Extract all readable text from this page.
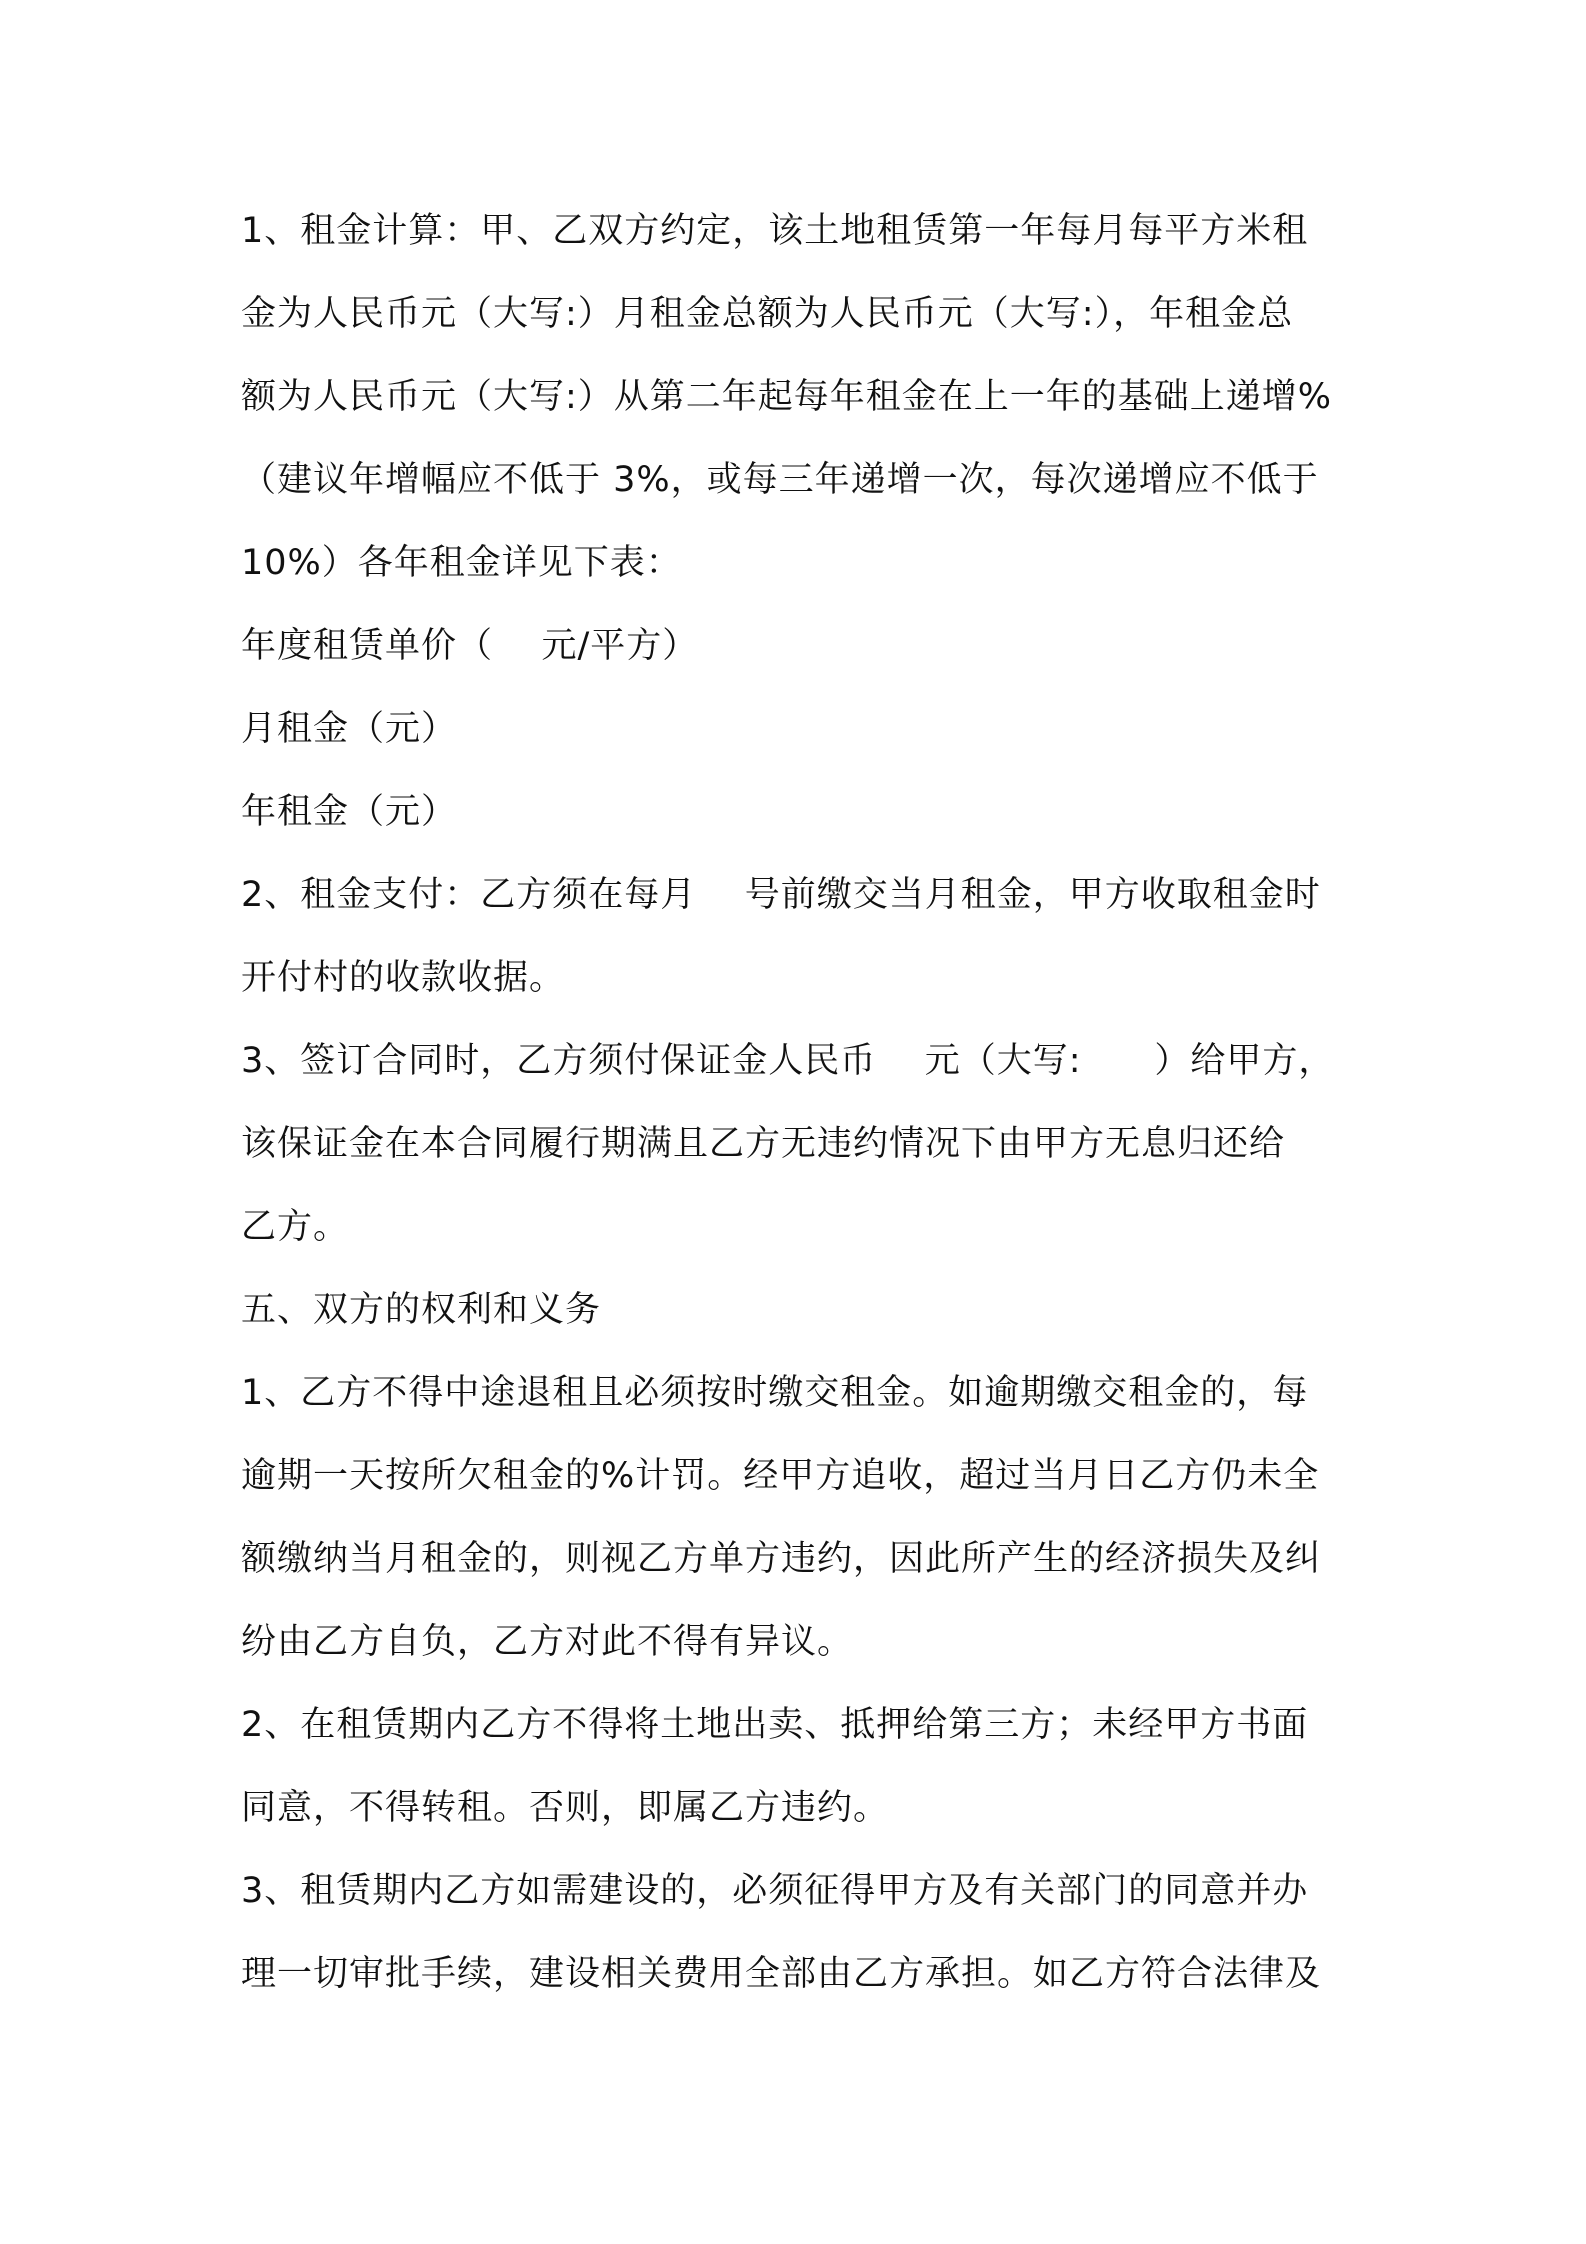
1、租金计算：甲、乙双方约定，该土地租赁第一年每月每平方米租
金为人民币元（大写:）月租金总额为人民币元（大写:），年租金总
额为人民币元（大写:）从第二年起每年租金在上一年的基础上递增%
（建议年增幅应不低于 3%，或每三年递增一次，每次递增应不低于
10%）各年租金详见下表：
年度租赁单价（    元/平方）
月租金（元）
年租金（元）
2、租金支付：乙方须在每月    号前缴交当月租金，甲方收取租金时
开付村的收款收据。
3、签订合同时，乙方须付保证金人民币    元（大写:      ）给甲方，
该保证金在本合同履行期满且乙方无违约情况下由甲方无息归还给
乙方。
五、双方的权利和义务
1、乙方不得中途退租且必须按时缴交租金。如逾期缴交租金的，每
逾期一天按所欠租金的%计罚。经甲方追收，超过当月日乙方仍未全
额缴纳当月租金的，则视乙方单方违约，因此所产生的经济损失及纠
纷由乙方自负，乙方对此不得有异议。
2、在租赁期内乙方不得将土地出卖、抵押给第三方；未经甲方书面
同意，不得转租。否则，即属乙方违约。
3、租赁期内乙方如需建设的，必须征得甲方及有关部门的同意并办
理一切审批手续，建设相关费用全部由乙方承担。如乙方符合法律及
